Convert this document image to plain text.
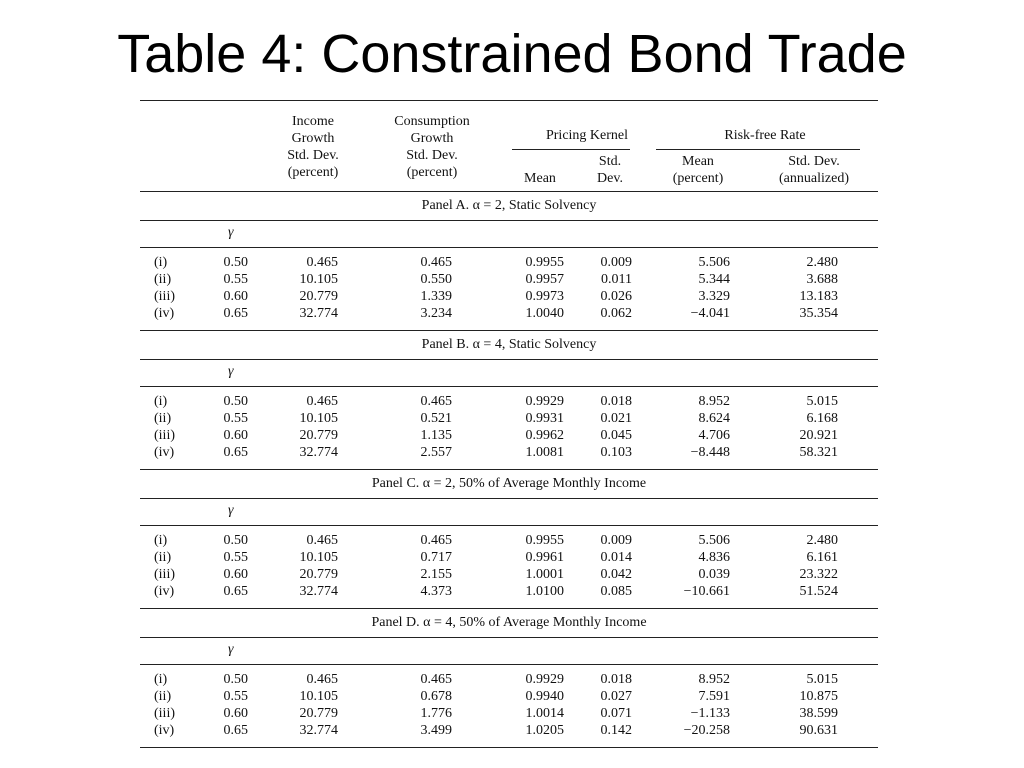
Table 4: Constrained Bond Trade
Income
Growth
Std. Dev.
(percent)
Consumption
Growth
Std. Dev.
(percent)
Pricing Kernel
Mean
Std.
Dev.
Risk-free Rate
Mean
(percent)
Std. Dev.
(annualized)
Panel A. α = 2, Static Solvency
γ
(i)
(ii)
(iii)
(iv)
0.50
0.55
0.60
0.65
0.465
10.105
20.779
32.774
0.465
0.550
1.339
3.234
0.9955
0.9957
0.9973
1.0040
0.009
0.011
0.026
0.062
5.506
5.344
3.329
−4.041
2.480
3.688
13.183
35.354
Panel B. α = 4, Static Solvency
γ
(i)
(ii)
(iii)
(iv)
0.50
0.55
0.60
0.65
0.465
10.105
20.779
32.774
0.465
0.521
1.135
2.557
0.9929
0.9931
0.9962
1.0081
0.018
0.021
0.045
0.103
8.952
8.624
4.706
−8.448
5.015
6.168
20.921
58.321
Panel C. α = 2, 50% of Average Monthly Income
γ
(i)
(ii)
(iii)
(iv)
0.50
0.55
0.60
0.65
0.465
10.105
20.779
32.774
0.465
0.717
2.155
4.373
0.9955
0.9961
1.0001
1.0100
0.009
0.014
0.042
0.085
5.506
4.836
0.039
−10.661
2.480
6.161
23.322
51.524
Panel D. α = 4, 50% of Average Monthly Income
γ
(i)
(ii)
(iii)
(iv)
0.50
0.55
0.60
0.65
0.465
10.105
20.779
32.774
0.465
0.678
1.776
3.499
0.9929
0.9940
1.0014
1.0205
0.018
0.027
0.071
0.142
8.952
7.591
−1.133
−20.258
5.015
10.875
38.599
90.631
